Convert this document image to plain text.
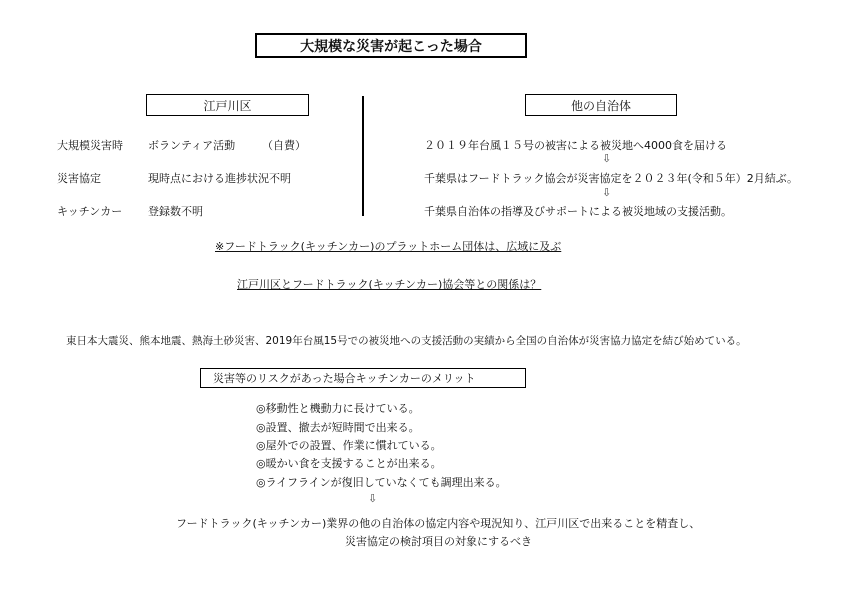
大規模な災害が起こった場合
江戸川区	他の自治体
大規模災害時 ボランティア活動 （自費）
災害協定	現時点における進捗状況不明
キッチンカー 登録数不明
２０１９年台風１５号の被害による被災地へ4000食を届ける
⇩
千葉県はフードトラック協会が災害協定を２０２３年(令和５年）2月結ぶ。
⇩
千葉県自治体の指導及びサポートによる被災地域の支援活動。
※フードトラック(キッチンカー)のプラットホーム団体は、広域に及ぶ
江戸川区とフードトラック(キッチンカー)協会等との関係は？
東日本大震災、熊本地震、熱海土砂災害、2019年台風15号での被災地への支援活動の実績から全国の自治体が災害協力協定を結び始めている。
災害等のリスクがあった場合キッチンカーのメリット
◎移動性と機動力に長けている。
◎設置、撤去が短時間で出来る。
◎屋外での設置、作業に慣れている。
◎暖かい食を支援することが出来る。
◎ライフラインが復旧していなくても調理出来る。
⇩
フードトラック(キッチンカー)業界の他の自治体の協定内容や現況知り、江戸川区で出来ることを精査し、
災害協定の検討項目の対象にするべき
